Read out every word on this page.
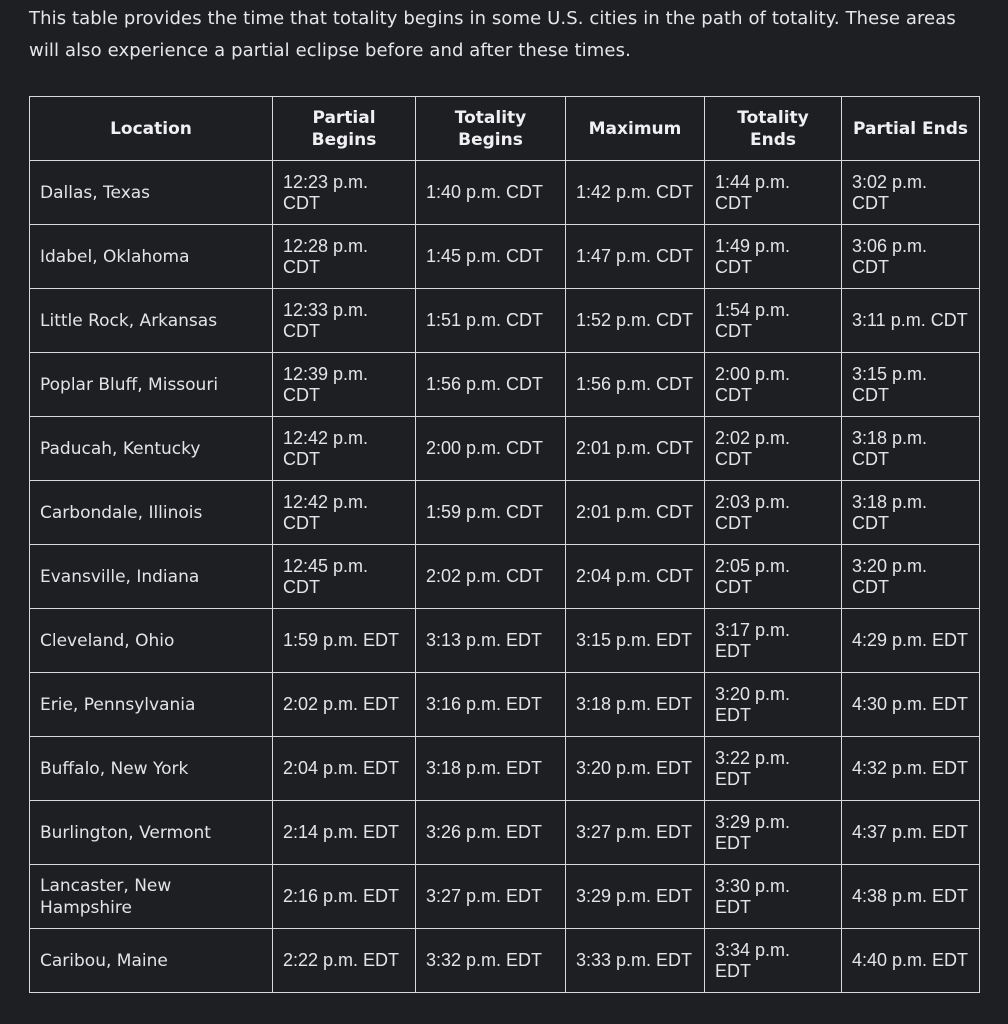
This table provides the time that totality begins in some U.S. cities in the path of totality. These areas will also experience a partial eclipse before and after these times.

Location	Partial Begins	Totality Begins	Maximum	Totality Ends	Partial Ends
Dallas, Texas	12:23 p.m. CDT	1:40 p.m. CDT	1:42 p.m. CDT	1:44 p.m. CDT	3:02 p.m. CDT
Idabel, Oklahoma	12:28 p.m. CDT	1:45 p.m. CDT	1:47 p.m. CDT	1:49 p.m. CDT	3:06 p.m. CDT
Little Rock, Arkansas	12:33 p.m. CDT	1:51 p.m. CDT	1:52 p.m. CDT	1:54 p.m. CDT	3:11 p.m. CDT
Poplar Bluff, Missouri	12:39 p.m. CDT	1:56 p.m. CDT	1:56 p.m. CDT	2:00 p.m. CDT	3:15 p.m. CDT
Paducah, Kentucky	12:42 p.m. CDT	2:00 p.m. CDT	2:01 p.m. CDT	2:02 p.m. CDT	3:18 p.m. CDT
Carbondale, Illinois	12:42 p.m. CDT	1:59 p.m. CDT	2:01 p.m. CDT	2:03 p.m. CDT	3:18 p.m. CDT
Evansville, Indiana	12:45 p.m. CDT	2:02 p.m. CDT	2:04 p.m. CDT	2:05 p.m. CDT	3:20 p.m. CDT
Cleveland, Ohio	1:59 p.m. EDT	3:13 p.m. EDT	3:15 p.m. EDT	3:17 p.m. EDT	4:29 p.m. EDT
Erie, Pennsylvania	2:02 p.m. EDT	3:16 p.m. EDT	3:18 p.m. EDT	3:20 p.m. EDT	4:30 p.m. EDT
Buffalo, New York	2:04 p.m. EDT	3:18 p.m. EDT	3:20 p.m. EDT	3:22 p.m. EDT	4:32 p.m. EDT
Burlington, Vermont	2:14 p.m. EDT	3:26 p.m. EDT	3:27 p.m. EDT	3:29 p.m. EDT	4:37 p.m. EDT
Lancaster, New Hampshire	2:16 p.m. EDT	3:27 p.m. EDT	3:29 p.m. EDT	3:30 p.m. EDT	4:38 p.m. EDT
Caribou, Maine	2:22 p.m. EDT	3:32 p.m. EDT	3:33 p.m. EDT	3:34 p.m. EDT	4:40 p.m. EDT
